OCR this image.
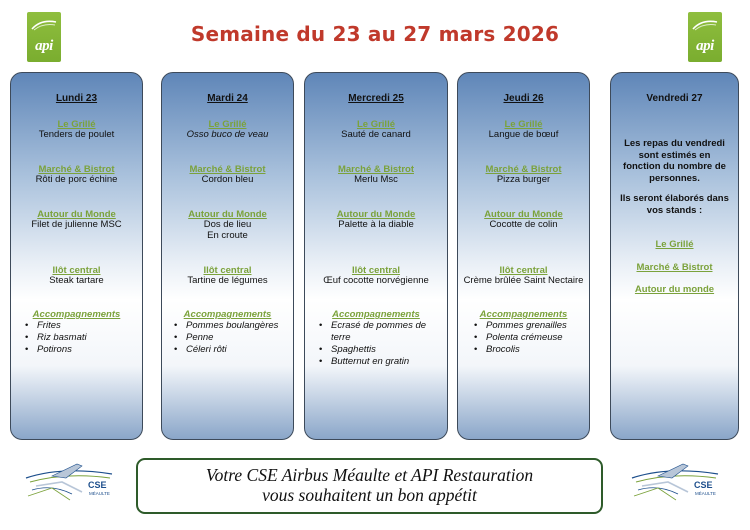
api	api
Semaine du 23 au 27 mars 2026
Lundi 23
Le Grillé
Tenders de poulet
Marché & Bistrot
Rôti de porc échine
Autour du Monde
Filet de julienne MSC
Ilôt central
Steak tartare
Accompagnements
• Frites
• Riz basmati
• Potirons
Mardi 24
Le Grillé
Osso buco de veau
Marché & Bistrot
Cordon bleu
Autour du Monde
Dos de lieu
En croute
Ilôt central
Tartine de légumes
Accompagnements
• Pommes boulangères
• Penne
• Céleri rôti
Mercredi 25
Le Grillé
Sauté de canard
Marché & Bistrot
Merlu Msc
Autour du Monde
Palette à la diable
Ilôt central
Œuf cocotte norvégienne
Accompagnements
• Ecrasé de pommes de terre
• Spaghettis
• Butternut en gratin
Jeudi 26
Le Grillé
Langue de bœuf
Marché & Bistrot
Pizza burger
Autour du Monde
Cocotte de colin
Ilôt central
Crème brûlée Saint Nectaire
Accompagnements
• Pommes grenailles
• Polenta crémeuse
• Brocolis
Vendredi 27
Les repas du vendredi
sont estimés en
fonction du nombre de
personnes.
Ils seront élaborés dans
vos stands :
Le Grillé
Marché & Bistrot
Autour du monde
CSE
MÉAULTE
CSE
MÉAULTE
Votre CSE Airbus Méaulte et API Restauration
vous souhaitent un bon appétit
